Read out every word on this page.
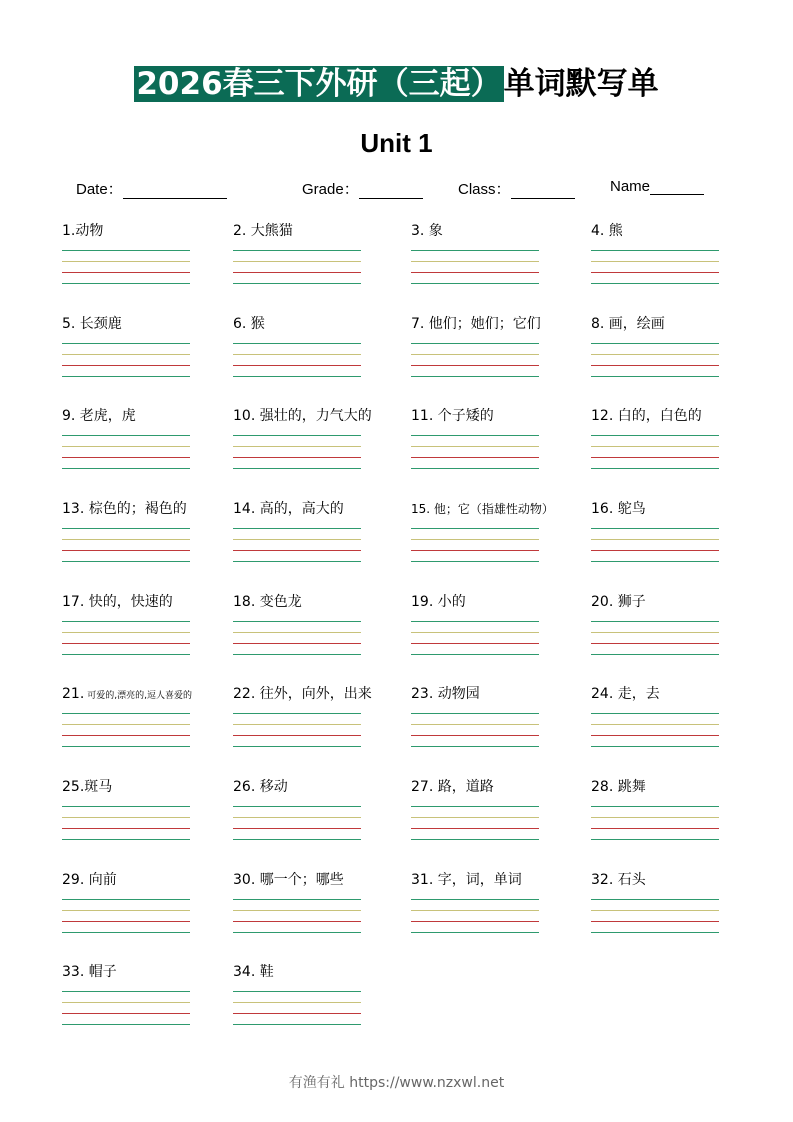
2026春三下外研（三起）单词默写单
Unit 1
Date：	Grade：	Class：	Name
1.动物	2. 大熊猫	3. 象	4. 熊
5. 长颈鹿	6. 猴	7. 他们；她们；它们	8. 画，绘画
9. 老虎，虎	10. 强壮的，力气大的	11. 个子矮的	12. 白的，白色的
13. 棕色的；褐色的	14. 高的，高大的	15. 他；它（指雄性动物）	16. 鸵鸟
17. 快的，快速的	18. 变色龙	19. 小的	20. 狮子
21. 可爱的,漂亮的,逗人喜爱的	22. 往外，向外，出来	23. 动物园	24. 走，去
25.斑马	26. 移动	27. 路，道路	28. 跳舞
29. 向前	30. 哪一个；哪些	31. 字，词，单词	32. 石头
33. 帽子	34. 鞋
有渔有礼 https://www.nzxwl.net
